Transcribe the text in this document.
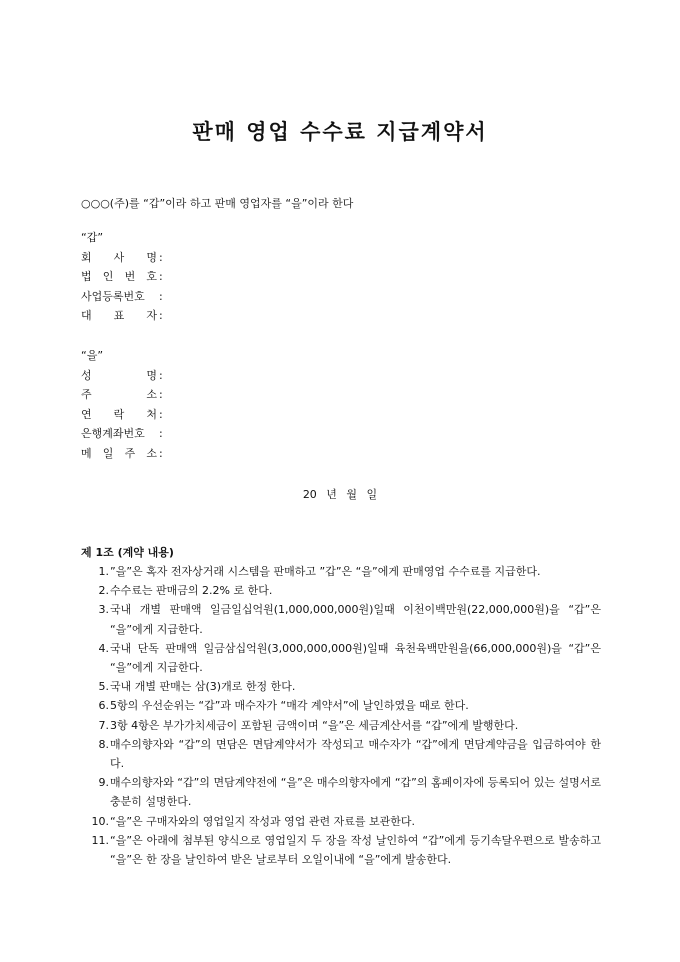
판매 영업 수수료 지급계약서
○○○(주)를 “갑”이라 하고 판매 영업자를 “을”이라 한다
“갑”
회 사 명 :
법 인 번 호 :
사업등록번호 :
대 표 자 :
“을”
성 명 :
주 소 :
연 락 처 :
은행계좌번호 :
메 일 주 소 :
20 년 월 일
제 1조 (계약 내용)
1. ”을”은 혹자 전자상거래 시스템을 판매하고 ”갑”은 “을”에게 판매영업 수수료를 지급한다.
2. 수수료는 판매금의 2.2% 로 한다.
3. 국내 개별 판매액 일금일십억원(1,000,000,000원)일때 이천이백만원(22,000,000원)을 “갑”은 “을”에게 지급한다.
4. 국내 단독 판매액 일금삼십억원(3,000,000,000원)일때 육천육백만원을(66,000,000원)을 “갑”은 “을”에게 지급한다.
5. 국내 개별 판매는 삼(3)개로 한정 한다.
6. 5항의 우선순위는 “갑”과 매수자가 “매각 계약서”에 날인하였을 때로 한다.
7. 3항 4항은 부가가치세금이 포함된 금액이며 “을”은 세금계산서를 “갑”에게 발행한다.
8. 매수의향자와 “갑”의 면담은 면담계약서가 작성되고 매수자가 “갑”에게 면담계약금을 입금하여야 한다.
9. 매수의향자와 “갑”의 면담계약전에 “을”은 매수의향자에게 “갑”의 홈페이자에 등록되어 있는 설명서로 충분히 설명한다.
10. “을”은 구매자와의 영업일지 작성과 영업 관련 자료를 보관한다.
11. “을”은 아래에 첨부된 양식으로 영업일지 두 장을 작성 날인하여 “갑”에게 등기속달우편으로 발송하고 “을”은 한 장을 날인하여 받은 날로부터 오일이내에 “을”에게 발송한다.
